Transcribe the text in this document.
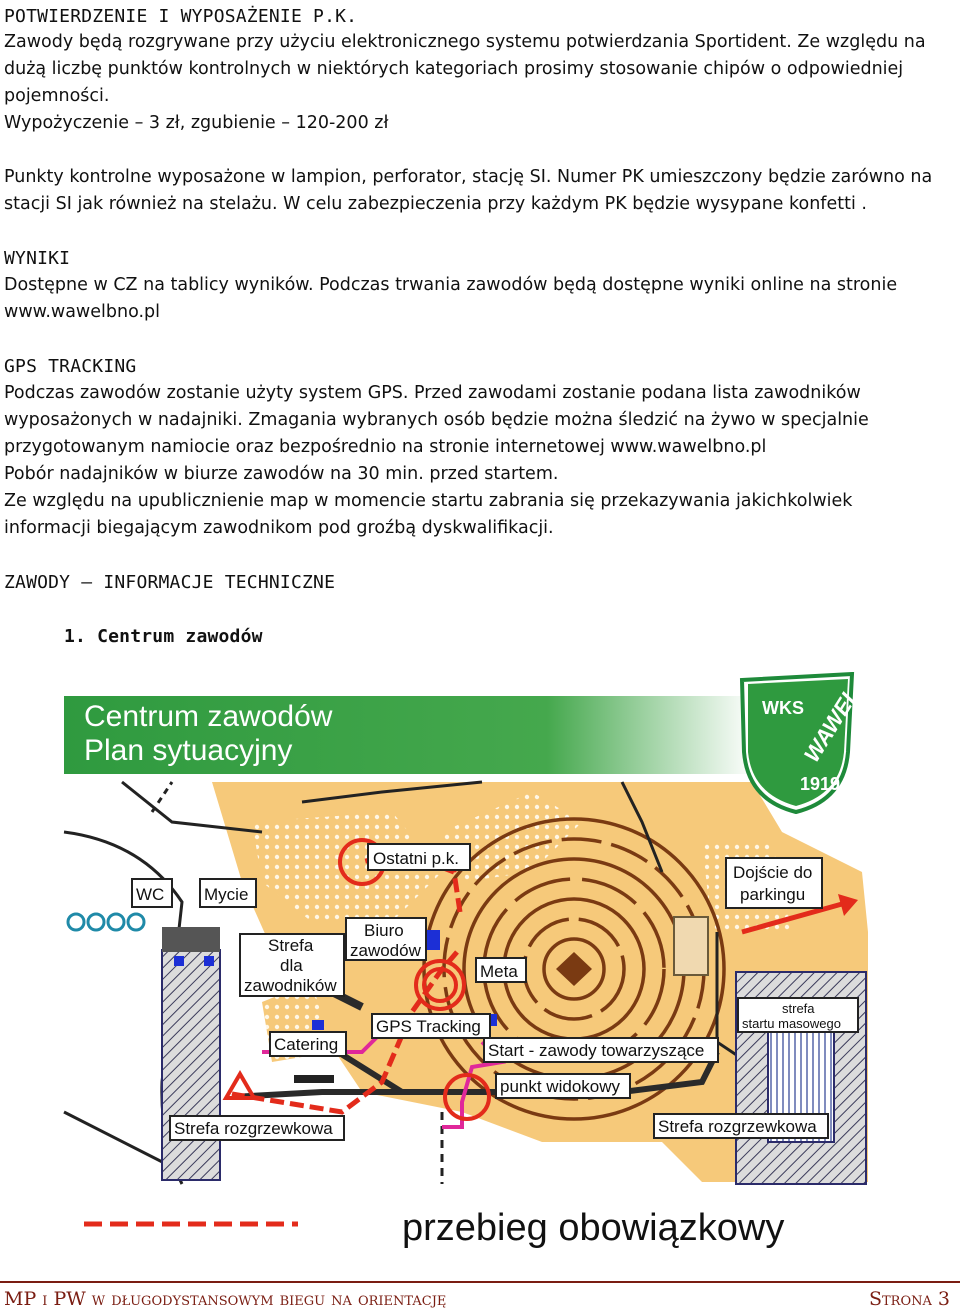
POTWIERDZENIE I WYPOSAŻENIE P.K.
Zawody będą rozgrywane przy użyciu elektronicznego systemu potwierdzania Sportident. Ze względu na
dużą liczbę punktów kontrolnych w niektórych kategoriach prosimy stosowanie chipów o odpowiedniej
pojemności.
Wypożyczenie – 3 zł, zgubienie – 120-200 zł
Punkty kontrolne wyposażone w lampion, perforator, stację SI. Numer PK umieszczony będzie zarówno na
stacji SI jak również na stelażu. W celu zabezpieczenia przy każdym PK będzie wysypane konfetti .
WYNIKI
Dostępne w CZ na tablicy wyników. Podczas trwania zawodów będą dostępne wyniki online na stronie
www.wawelbno.pl
GPS TRACKING
Podczas zawodów zostanie użyty system GPS. Przed zawodami zostanie podana lista zawodników
wyposażonych w nadajniki. Zmagania wybranych osób będzie można śledzić na żywo w specjalnie
przygotowanym namiocie oraz bezpośrednio na stronie internetowej www.wawelbno.pl
Pobór nadajników w biurze zawodów na 30 min. przed startem.
Ze względu na upublicznienie map w momencie startu zabrania się przekazywania jakichkolwiek
informacji biegającym zawodnikom pod groźbą dyskwalifikacji.
ZAWODY – INFORMACJE TECHNICZNE
1. Centrum zawodów
Centrum zawodów
Plan sytuacyjny
WC Mycie
Ostatni p.k.
Dojście do
parkingu
Strefa
dla
zawodników
Biuro
zawodów
Meta
strefa
startu masowego
GPS Tracking
Catering	Start - zawody towarzyszące
punkt widokowy
Strefa rozgrzewkowa	Strefa rozgrzewkowa
WKS
WAWEL
1919
przebieg obowiązkowy
MP i PW w długodystansowym biegu na orientację	Strona 3
